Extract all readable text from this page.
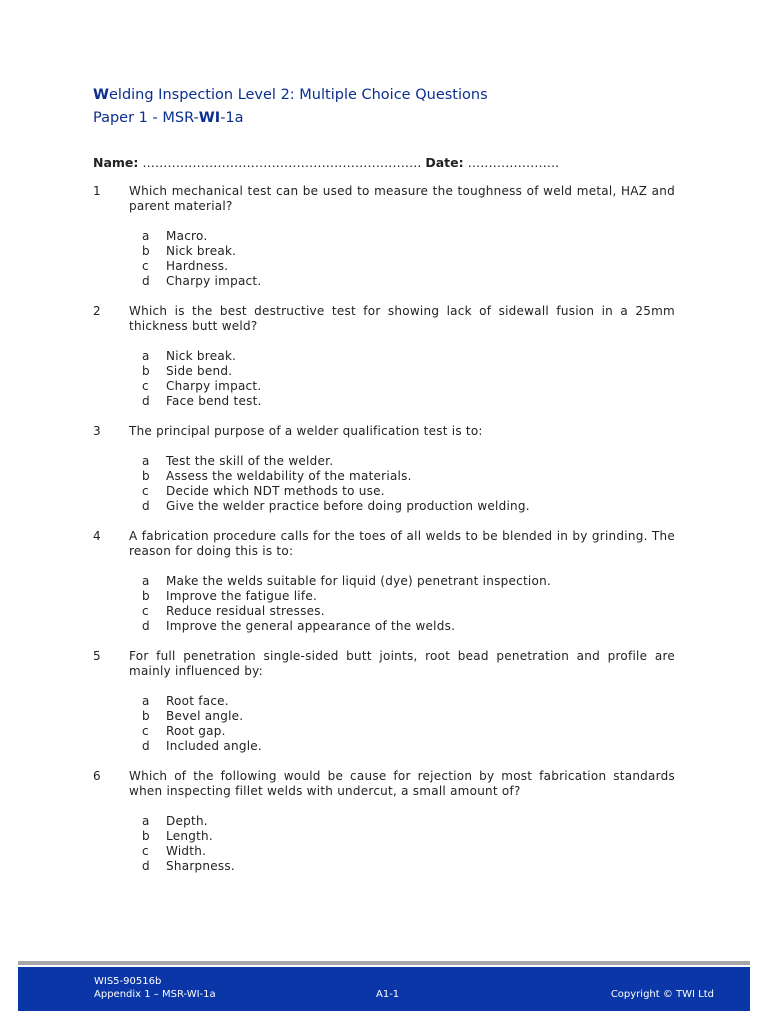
Welding Inspection Level 2: Multiple Choice Questions
Paper 1 - MSR-WI-1a
Name: …………………………………………………………. Date: ………………….
1	Which mechanical test can be used to measure the toughness of weld metal, HAZ and parent material?
a	Macro.
b	Nick break.
c	Hardness.
d	Charpy impact.
2	Which is the best destructive test for showing lack of sidewall fusion in a 25mm thickness butt weld?
a	Nick break.
b	Side bend.
c	Charpy impact.
d	Face bend test.
3	The principal purpose of a welder qualification test is to:
a	Test the skill of the welder.
b	Assess the weldability of the materials.
c	Decide which NDT methods to use.
d	Give the welder practice before doing production welding.
4	A fabrication procedure calls for the toes of all welds to be blended in by grinding. The reason for doing this is to:
a	Make the welds suitable for liquid (dye) penetrant inspection.
b	Improve the fatigue life.
c	Reduce residual stresses.
d	Improve the general appearance of the welds.
5	For full penetration single-sided butt joints, root bead penetration and profile are mainly influenced by:
a	Root face.
b	Bevel angle.
c	Root gap.
d	Included angle.
6	Which of the following would be cause for rejection by most fabrication standards when inspecting fillet welds with undercut, a small amount of?
a	Depth.
b	Length.
c	Width.
d	Sharpness.
WIS5-90516b
Appendix 1 – MSR-WI-1a	A1-1	Copyright © TWI Ltd
